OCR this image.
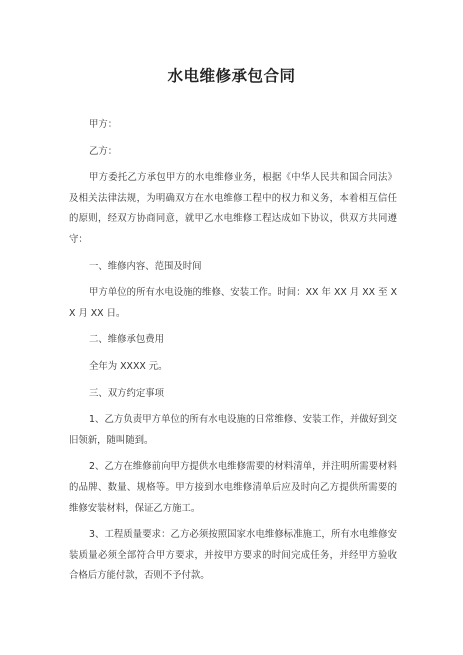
水电维修承包合同

甲方：

乙方：

甲方委托乙方承包甲方的水电维修业务，根据《中华人民共和国合同法》及相关法律法规，为明确双方在水电维修工程中的权力和义务，本着相互信任的原则，经双方协商同意，就甲乙水电维修工程达成如下协议，供双方共同遵守：

一、维修内容、范围及时间

甲方单位的所有水电设施的维修、安装工作。时间：XX 年 XX 月 XX 至 XX 月 XX 日。

二、维修承包费用

全年为 XXXX 元。

三、双方约定事项

1、乙方负责甲方单位的所有水电设施的日常维修、安装工作，并做好到交旧领新，随叫随到。

2、乙方在维修前向甲方提供水电维修需要的材料清单，并注明所需要材料的品牌、数量、规格等。甲方接到水电维修清单后应及时向乙方提供所需要的维修安装材料，保证乙方施工。

3、工程质量要求：乙方必须按照国家水电维修标准施工，所有水电维修安装质量必须全部符合甲方要求，并按甲方要求的时间完成任务，并经甲方验收合格后方能付款，否则不予付款。
